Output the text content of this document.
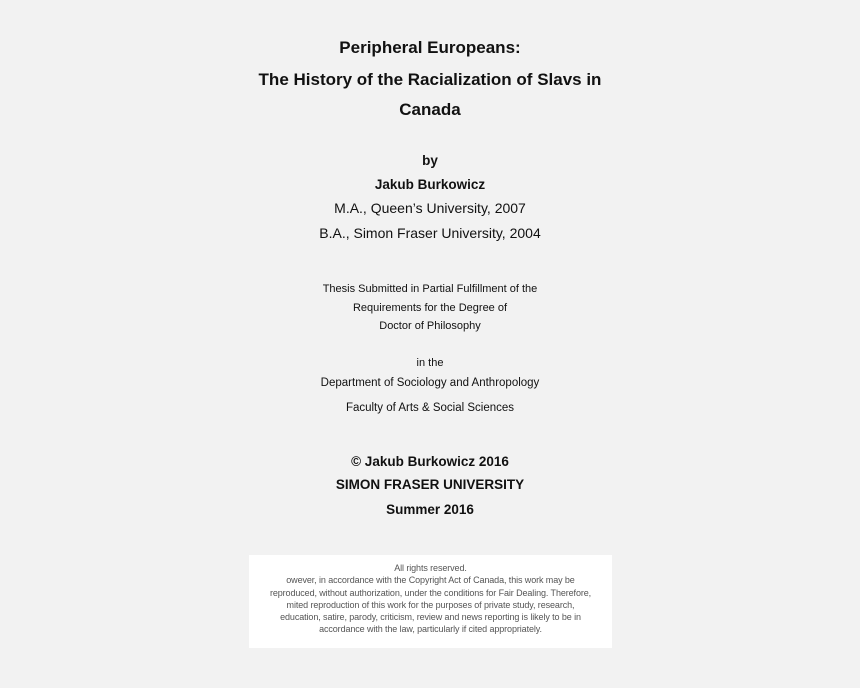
Peripheral Europeans:
The History of the Racialization of Slavs in
Canada
by
Jakub Burkowicz
M.A., Queen’s University, 2007
B.A., Simon Fraser University, 2004
Thesis Submitted in Partial Fulfillment of the
Requirements for the Degree of
Doctor of Philosophy
in the
Department of Sociology and Anthropology
Faculty of Arts & Social Sciences
© Jakub Burkowicz 2016
SIMON FRASER UNIVERSITY
Summer 2016
All rights reserved.
owever, in accordance with the Copyright Act of Canada, this work may be
reproduced, without authorization, under the conditions for Fair Dealing. Therefore,
mited reproduction of this work for the purposes of private study, research,
education, satire, parody, criticism, review and news reporting is likely to be in
accordance with the law, particularly if cited appropriately.
